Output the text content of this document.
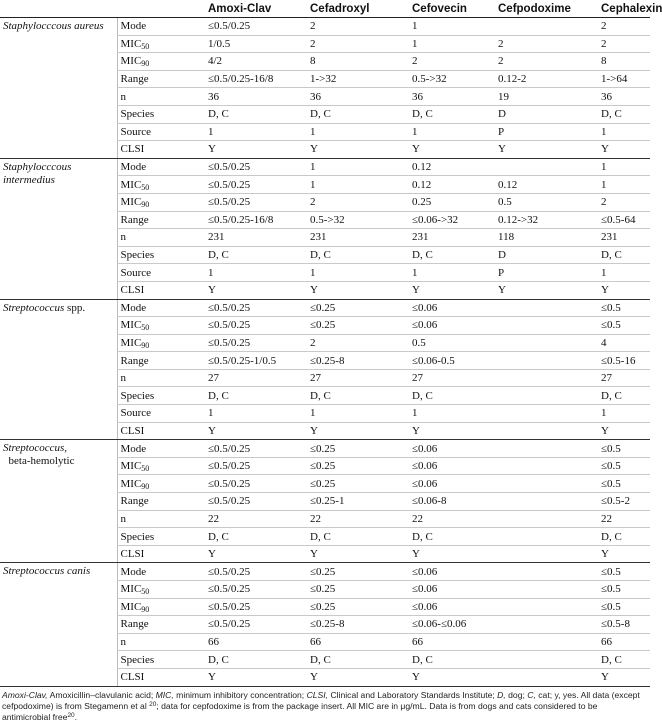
		Amoxi-Clav	Cefadroxyl	Cefovecin	Cefpodoxime	Cephalexin
Staphylocccous aureus	Mode	≤0.5/0.25	2	1		2
	$MIC_{50}$	1/0.5	2	1	2	2
	$MIC_{90}$	4/2	8	2	2	8
	Range	≤0.5/0.25-16/8	1->32	0.5->32	0.12-2	1->64
	n	36	36	36	19	36
	Species	D, C	D, C	D, C	D	D, C
	Source	1	1	1	P	1
	CLSI	Y	Y	Y	Y	Y
Staphylocccous intermedius	Mode	≤0.5/0.25	1	0.12		1
	$MIC_{50}$	≤0.5/0.25	1	0.12	0.12	1
	$MIC_{90}$	≤0.5/0.25	2	0.25	0.5	2
	Range	≤0.5/0.25-16/8	0.5->32	≤0.06->32	0.12->32	≤0.5-64
	n	231	231	231	118	231
	Species	D, C	D, C	D, C	D	D, C
	Source	1	1	1	P	1
	CLSI	Y	Y	Y	Y	Y
Streptococcus spp.	Mode	≤0.5/0.25	≤0.25	≤0.06		≤0.5
	$MIC_{50}$	≤0.5/0.25	≤0.25	≤0.06		≤0.5
	$MIC_{90}$	≤0.5/0.25	2	0.5		4
	Range	≤0.5/0.25-1/0.5	≤0.25-8	≤0.06-0.5		≤0.5-16
	n	27	27	27		27
	Species	D, C	D, C	D, C		D, C
	Source	1	1	1		1
	CLSI	Y	Y	Y		Y
Streptococcus,
beta-hemolytic	Mode	≤0.5/0.25	≤0.25	≤0.06		≤0.5
	$MIC_{50}$	≤0.5/0.25	≤0.25	≤0.06		≤0.5
	$MIC_{90}$	≤0.5/0.25	≤0.25	≤0.06		≤0.5
	Range	≤0.5/0.25	≤0.25-1	≤0.06-8		≤0.5-2
	n	22	22	22		22
	Species	D, C	D, C	D, C		D, C
	CLSI	Y	Y	Y		Y
Streptococcus canis	Mode	≤0.5/0.25	≤0.25	≤0.06		≤0.5
	$MIC_{50}$	≤0.5/0.25	≤0.25	≤0.06		≤0.5
	$MIC_{90}$	≤0.5/0.25	≤0.25	≤0.06		≤0.5
	Range	≤0.5/0.25	≤0.25-8	≤0.06-≤0.06		≤0.5-8
	n	66	66	66		66
	Species	D, C	D, C	D, C		D, C
	CLSI	Y	Y	Y		Y
Amoxi-Clav, Amoxicillin–clavulanic acid; MIC, minimum inhibitory concentration; CLSI, Clinical and Laboratory Standards Institute; D, dog; C, cat; y, yes. All data (except cefpodoxime) is from Stegamenn et al $^{20}$; data for cepfodoxime is from the package insert. All MIC are in μg/mL. Data is from dogs and cats considered to be antimicrobial free$^{20}$.
